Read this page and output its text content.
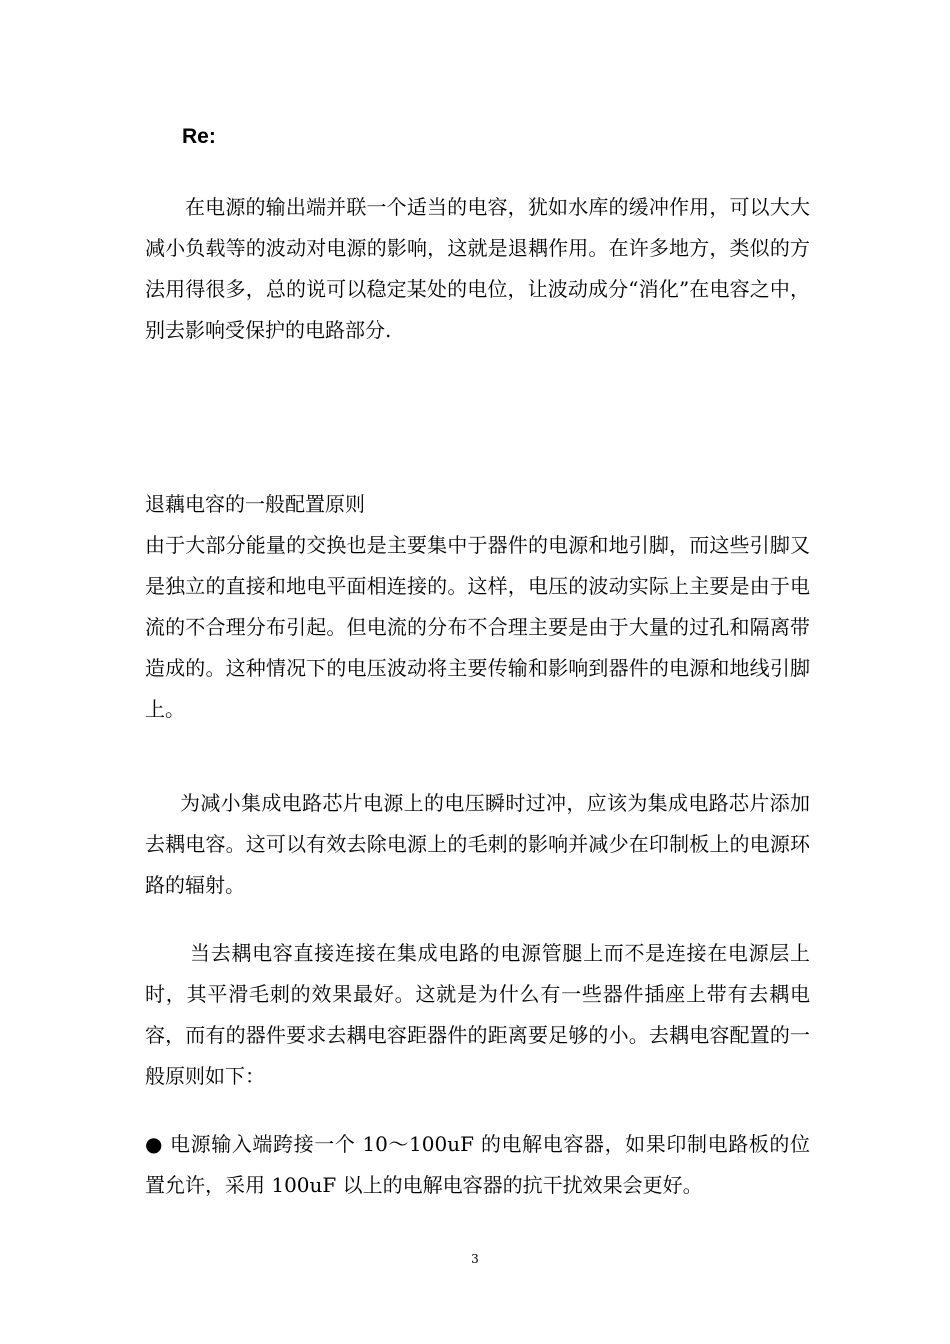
Re:

在电源的输出端并联一个适当的电容，犹如水库的缓冲作用，可以大大减小负载等的波动对电源的影响，这就是退耦作用。在许多地方，类似的方法用得很多，总的说可以稳定某处的电位，让波动成分“消化”在电容之中，别去影响受保护的电路部分.

退藕电容的一般配置原则

由于大部分能量的交换也是主要集中于器件的电源和地引脚，而这些引脚又是独立的直接和地电平面相连接的。这样，电压的波动实际上主要是由于电流的不合理分布引起。但电流的分布不合理主要是由于大量的过孔和隔离带造成的。这种情况下的电压波动将主要传输和影响到器件的电源和地线引脚上。

为减小集成电路芯片电源上的电压瞬时过冲，应该为集成电路芯片添加去耦电容。这可以有效去除电源上的毛刺的影响并减少在印制板上的电源环路的辐射。

当去耦电容直接连接在集成电路的电源管腿上而不是连接在电源层上时，其平滑毛刺的效果最好。这就是为什么有一些器件插座上带有去耦电容，而有的器件要求去耦电容距器件的距离要足够的小。去耦电容配置的一般原则如下：

● 电源输入端跨接一个 10～100uF 的电解电容器，如果印制电路板的位置允许，采用 100uF 以上的电解电容器的抗干扰效果会更好。

3
